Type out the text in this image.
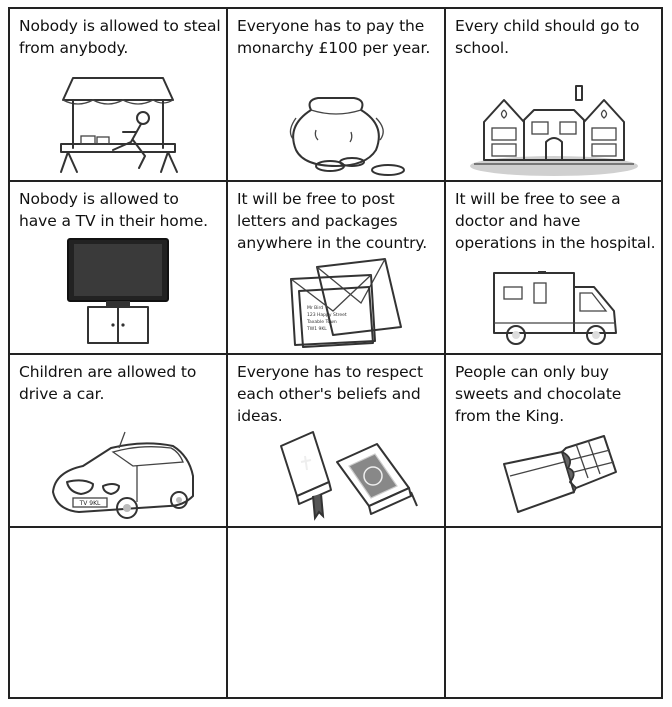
Nobody is allowed to steal from anybody.
Everyone has to pay the monarchy £100 per year.
Every child should go to school.
Nobody is allowed to have a TV in their home.
It will be free to post letters and packages anywhere in the country.
Mr Bird
123 Happy Street
Taxable Town
TW1 9KL
It will be free to see a doctor and have operations in the hospital.
Children are allowed to drive a car.
TV 9KL
Everyone has to respect each other's beliefs and ideas.
People can only buy sweets and chocolate from the King.
